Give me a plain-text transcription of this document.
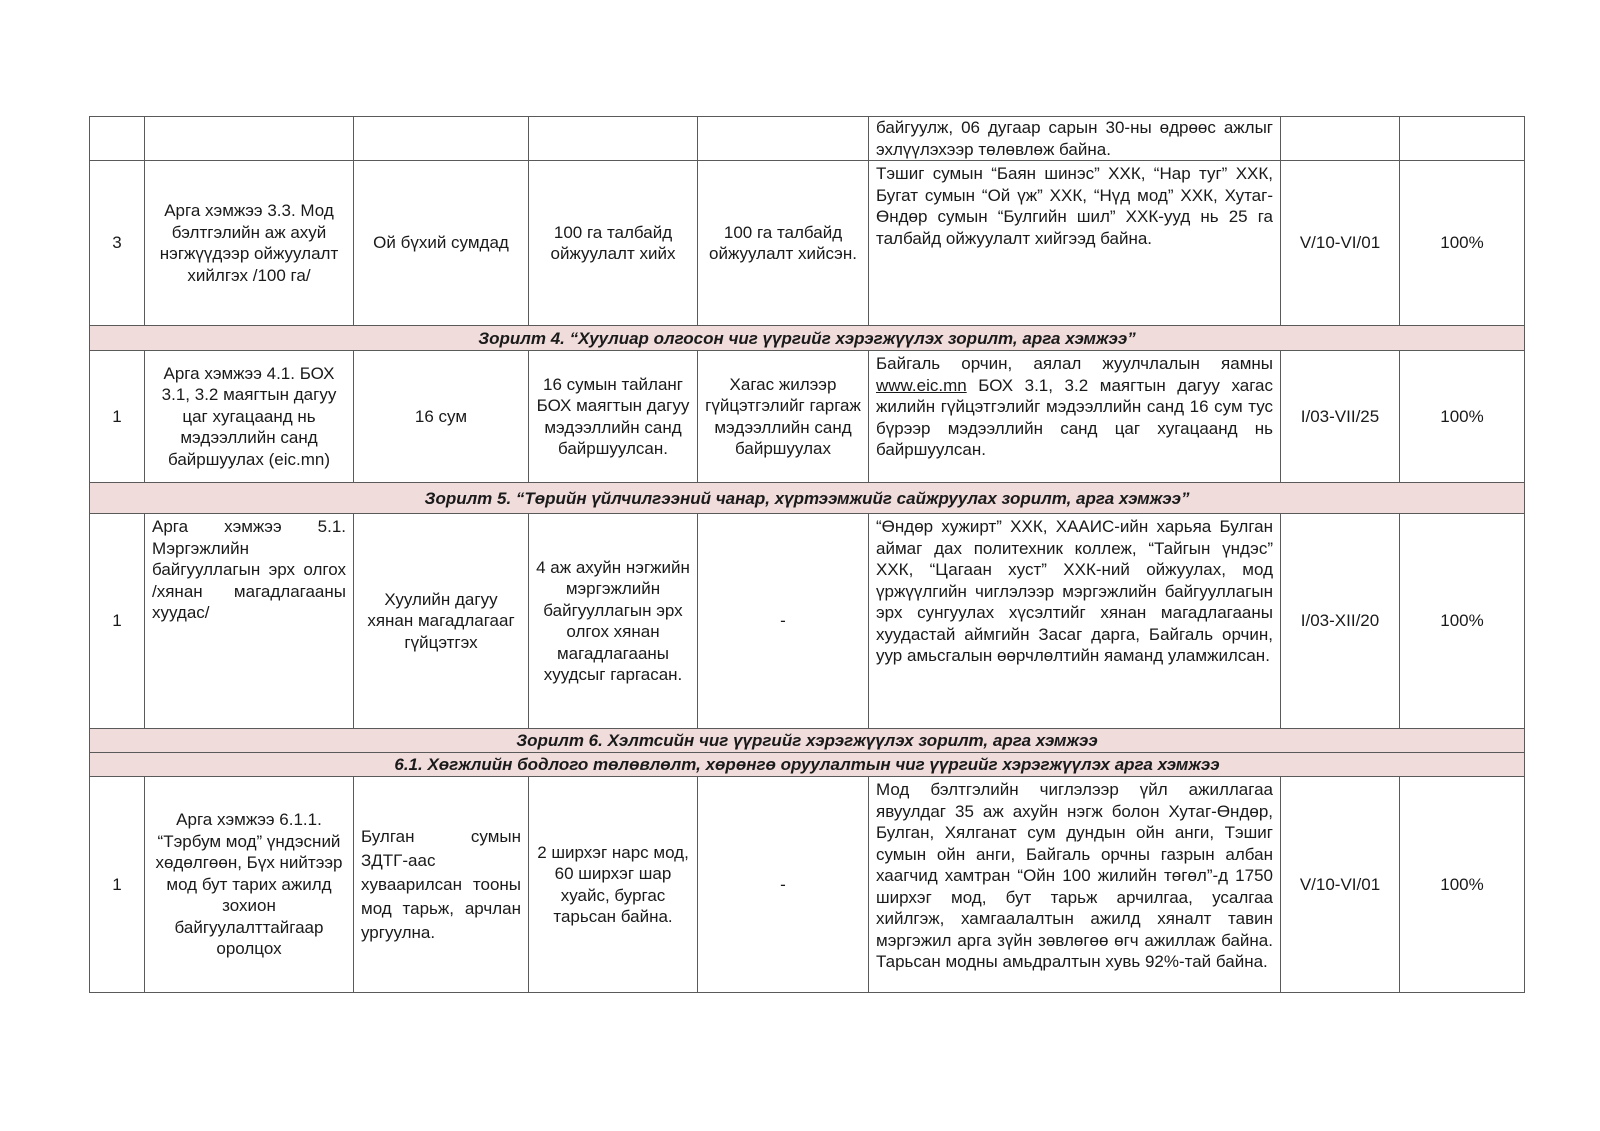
					байгуулж, 06 дугаар сарын 30-ны өдрөөс ажлыг эхлүүлэхээр төлөвлөж байна.		
3	Арга хэмжээ 3.3. Мод бэлтгэлийн аж ахуй нэгжүүдээр ойжуулалт хийлгэх /100 га/	Ой бүхий сумдад	100 га талбайд ойжуулалт хийх	100 га талбайд ойжуулалт хийсэн.	Тэшиг сумын “Баян шинэс” ХХК, “Нар туг” ХХК, Бугат сумын “Ой үж” ХХК, “Нүд мод” ХХК, Хутаг-Өндөр сумын “Булгийн шил” ХХК-ууд нь 25 га талбайд ойжуулалт хийгээд байна.	V/10-VI/01	100%
Зорилт 4. “Хуулиар олгосон чиг үүргийг хэрэгжүүлэх зорилт, арга хэмжээ”							
1	Арга хэмжээ 4.1. БОХ 3.1, 3.2 маягтын дагуу цаг хугацаанд нь мэдээллийн санд байршуулах (eic.mn)	16 сум	16 сумын тайланг БОХ маягтын дагуу мэдээллийн санд байршуулсан.	Хагас жилээр гүйцэтгэлийг гаргаж мэдээллийн санд байршуулах	Байгаль орчин, аялал жуулчлалын яамны www.eic.mn БОХ 3.1, 3.2 маягтын дагуу хагас жилийн гүйцэтгэлийг мэдээллийн санд 16 сум тус бүрээр мэдээллийн санд цаг хугацаанд нь байршуулсан.	I/03-VII/25	100%
Зорилт 5. “Төрийн үйлчилгээний чанар, хүртээмжийг сайжруулах зорилт, арга хэмжээ”							
1	Арга хэмжээ 5.1. Мэргэжлийн байгууллагын эрх олгох /хянан магадлагааны хуудас/	Хуулийн дагуу хянан магадлагааг гүйцэтгэх	4 аж ахуйн нэгжийн мэргэжлийн байгууллагын эрх олгох хянан магадлагааны хуудсыг гаргасан.	-	“Өндөр хужирт” ХХК, ХААИС-ийн харьяа Булган аймаг дах политехник коллеж, “Тайгын үндэс” ХХК, “Цагаан хуст” ХХК-ний ойжуулах, мод үржүүлгийн чиглэлээр мэргэжлийн байгууллагын эрх сунгуулах хүсэлтийг хянан магадлагааны хуудастай аймгийн Засаг дарга, Байгаль орчин, уур амьсгалын өөрчлөлтийн яаманд уламжилсан.	I/03-XII/20	100%
Зорилт 6. Хэлтсийн чиг үүргийг хэрэгжүүлэх зорилт, арга хэмжээ							
6.1. Хөгжлийн бодлого төлөвлөлт, хөрөнгө оруулалтын чиг үүргийг хэрэгжүүлэх арга хэмжээ							
1	Арга хэмжээ 6.1.1. “Тэрбум мод” үндэсний хөдөлгөөн, Бүх нийтээр мод бут тарих ажилд зохион байгуулалттайгаар оролцох	Булган сумын ЗДТГ-аас хуваарилсан тооны мод тарьж, арчлан ургуулна.	2 ширхэг нарс мод, 60 ширхэг шар хуайс, бургас тарьсан байна.	-	Мод бэлтгэлийн чиглэлээр үйл ажиллагаа явуулдаг 35 аж ахуйн нэгж болон Хутаг-Өндөр, Булган, Хялганат сум дундын ойн анги, Тэшиг сумын ойн анги, Байгаль орчны газрын албан хаагчид хамтран “Ойн 100 жилийн төгөл”-д 1750 ширхэг мод, бут тарьж арчилгаа, усалгаа хийлгэж, хамгаалалтын ажилд хяналт тавин мэргэжил арга зүйн зөвлөгөө өгч ажиллаж байна. Тарьсан модны амьдралтын хувь 92%-тай байна.	V/10-VI/01	100%
